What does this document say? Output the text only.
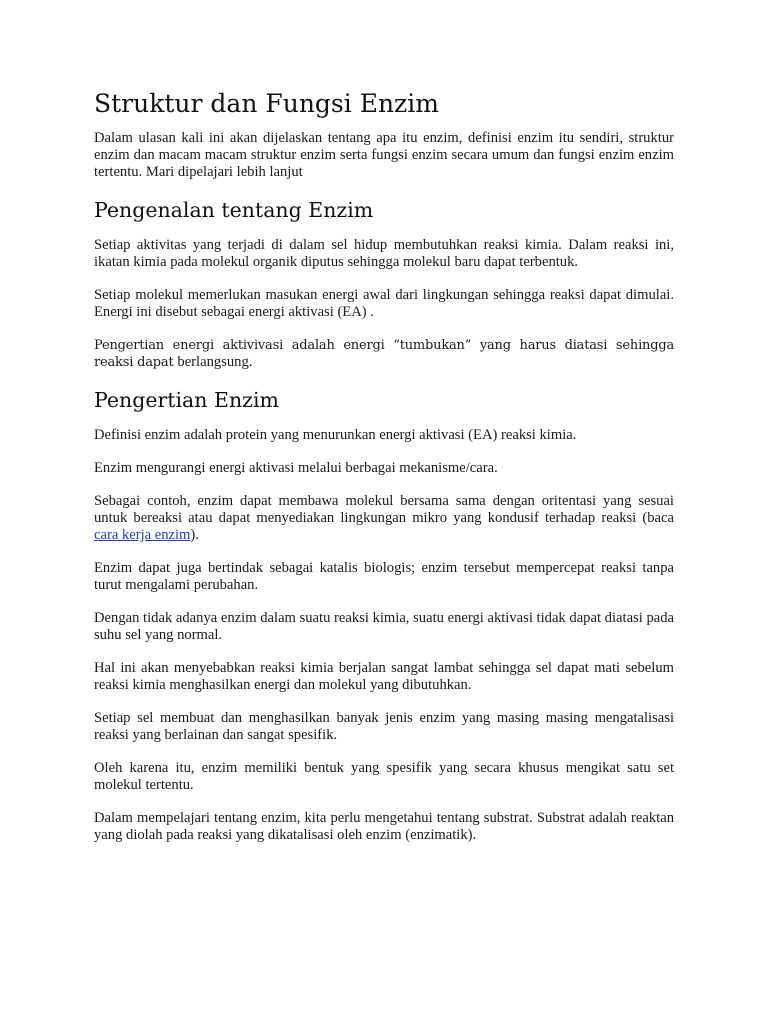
Struktur dan Fungsi Enzim

Dalam ulasan kali ini akan dijelaskan tentang apa itu enzim, definisi enzim itu sendiri, struktur enzim dan macam macam struktur enzim serta fungsi enzim secara umum dan fungsi enzim enzim tertentu. Mari dipelajari lebih lanjut

Pengenalan tentang Enzim

Setiap aktivitas yang terjadi di dalam sel hidup membutuhkan reaksi kimia. Dalam reaksi ini, ikatan kimia pada molekul organik diputus sehingga molekul baru dapat terbentuk.

Setiap molekul memerlukan masukan energi awal dari lingkungan sehingga reaksi dapat dimulai. Energi ini disebut sebagai energi aktivasi (EA) .

Pengertian energi aktivivasi adalah energi “tumbukan” yang harus diatasi sehingga reaksi dapat berlangsung.

Pengertian Enzim

Definisi enzim adalah protein yang menurunkan energi aktivasi (EA) reaksi kimia.

Enzim mengurangi energi aktivasi melalui berbagai mekanisme/cara.

Sebagai contoh, enzim dapat membawa molekul bersama sama dengan oritentasi yang sesuai untuk bereaksi atau dapat menyediakan lingkungan mikro yang kondusif terhadap reaksi (baca cara kerja enzim).

Enzim dapat juga bertindak sebagai katalis biologis; enzim tersebut mempercepat reaksi tanpa turut mengalami perubahan.

Dengan tidak adanya enzim dalam suatu reaksi kimia, suatu energi aktivasi tidak dapat diatasi pada suhu sel yang normal.

Hal ini akan menyebabkan reaksi kimia berjalan sangat lambat sehingga sel dapat mati sebelum reaksi kimia menghasilkan energi dan molekul yang dibutuhkan.

Setiap sel membuat dan menghasilkan banyak jenis enzim yang masing masing mengatalisasi reaksi yang berlainan dan sangat spesifik.

Oleh karena itu, enzim memiliki bentuk yang spesifik yang secara khusus mengikat satu set molekul tertentu.

Dalam mempelajari tentang enzim, kita perlu mengetahui tentang substrat. Substrat adalah reaktan yang diolah pada reaksi yang dikatalisasi oleh enzim (enzimatik).
